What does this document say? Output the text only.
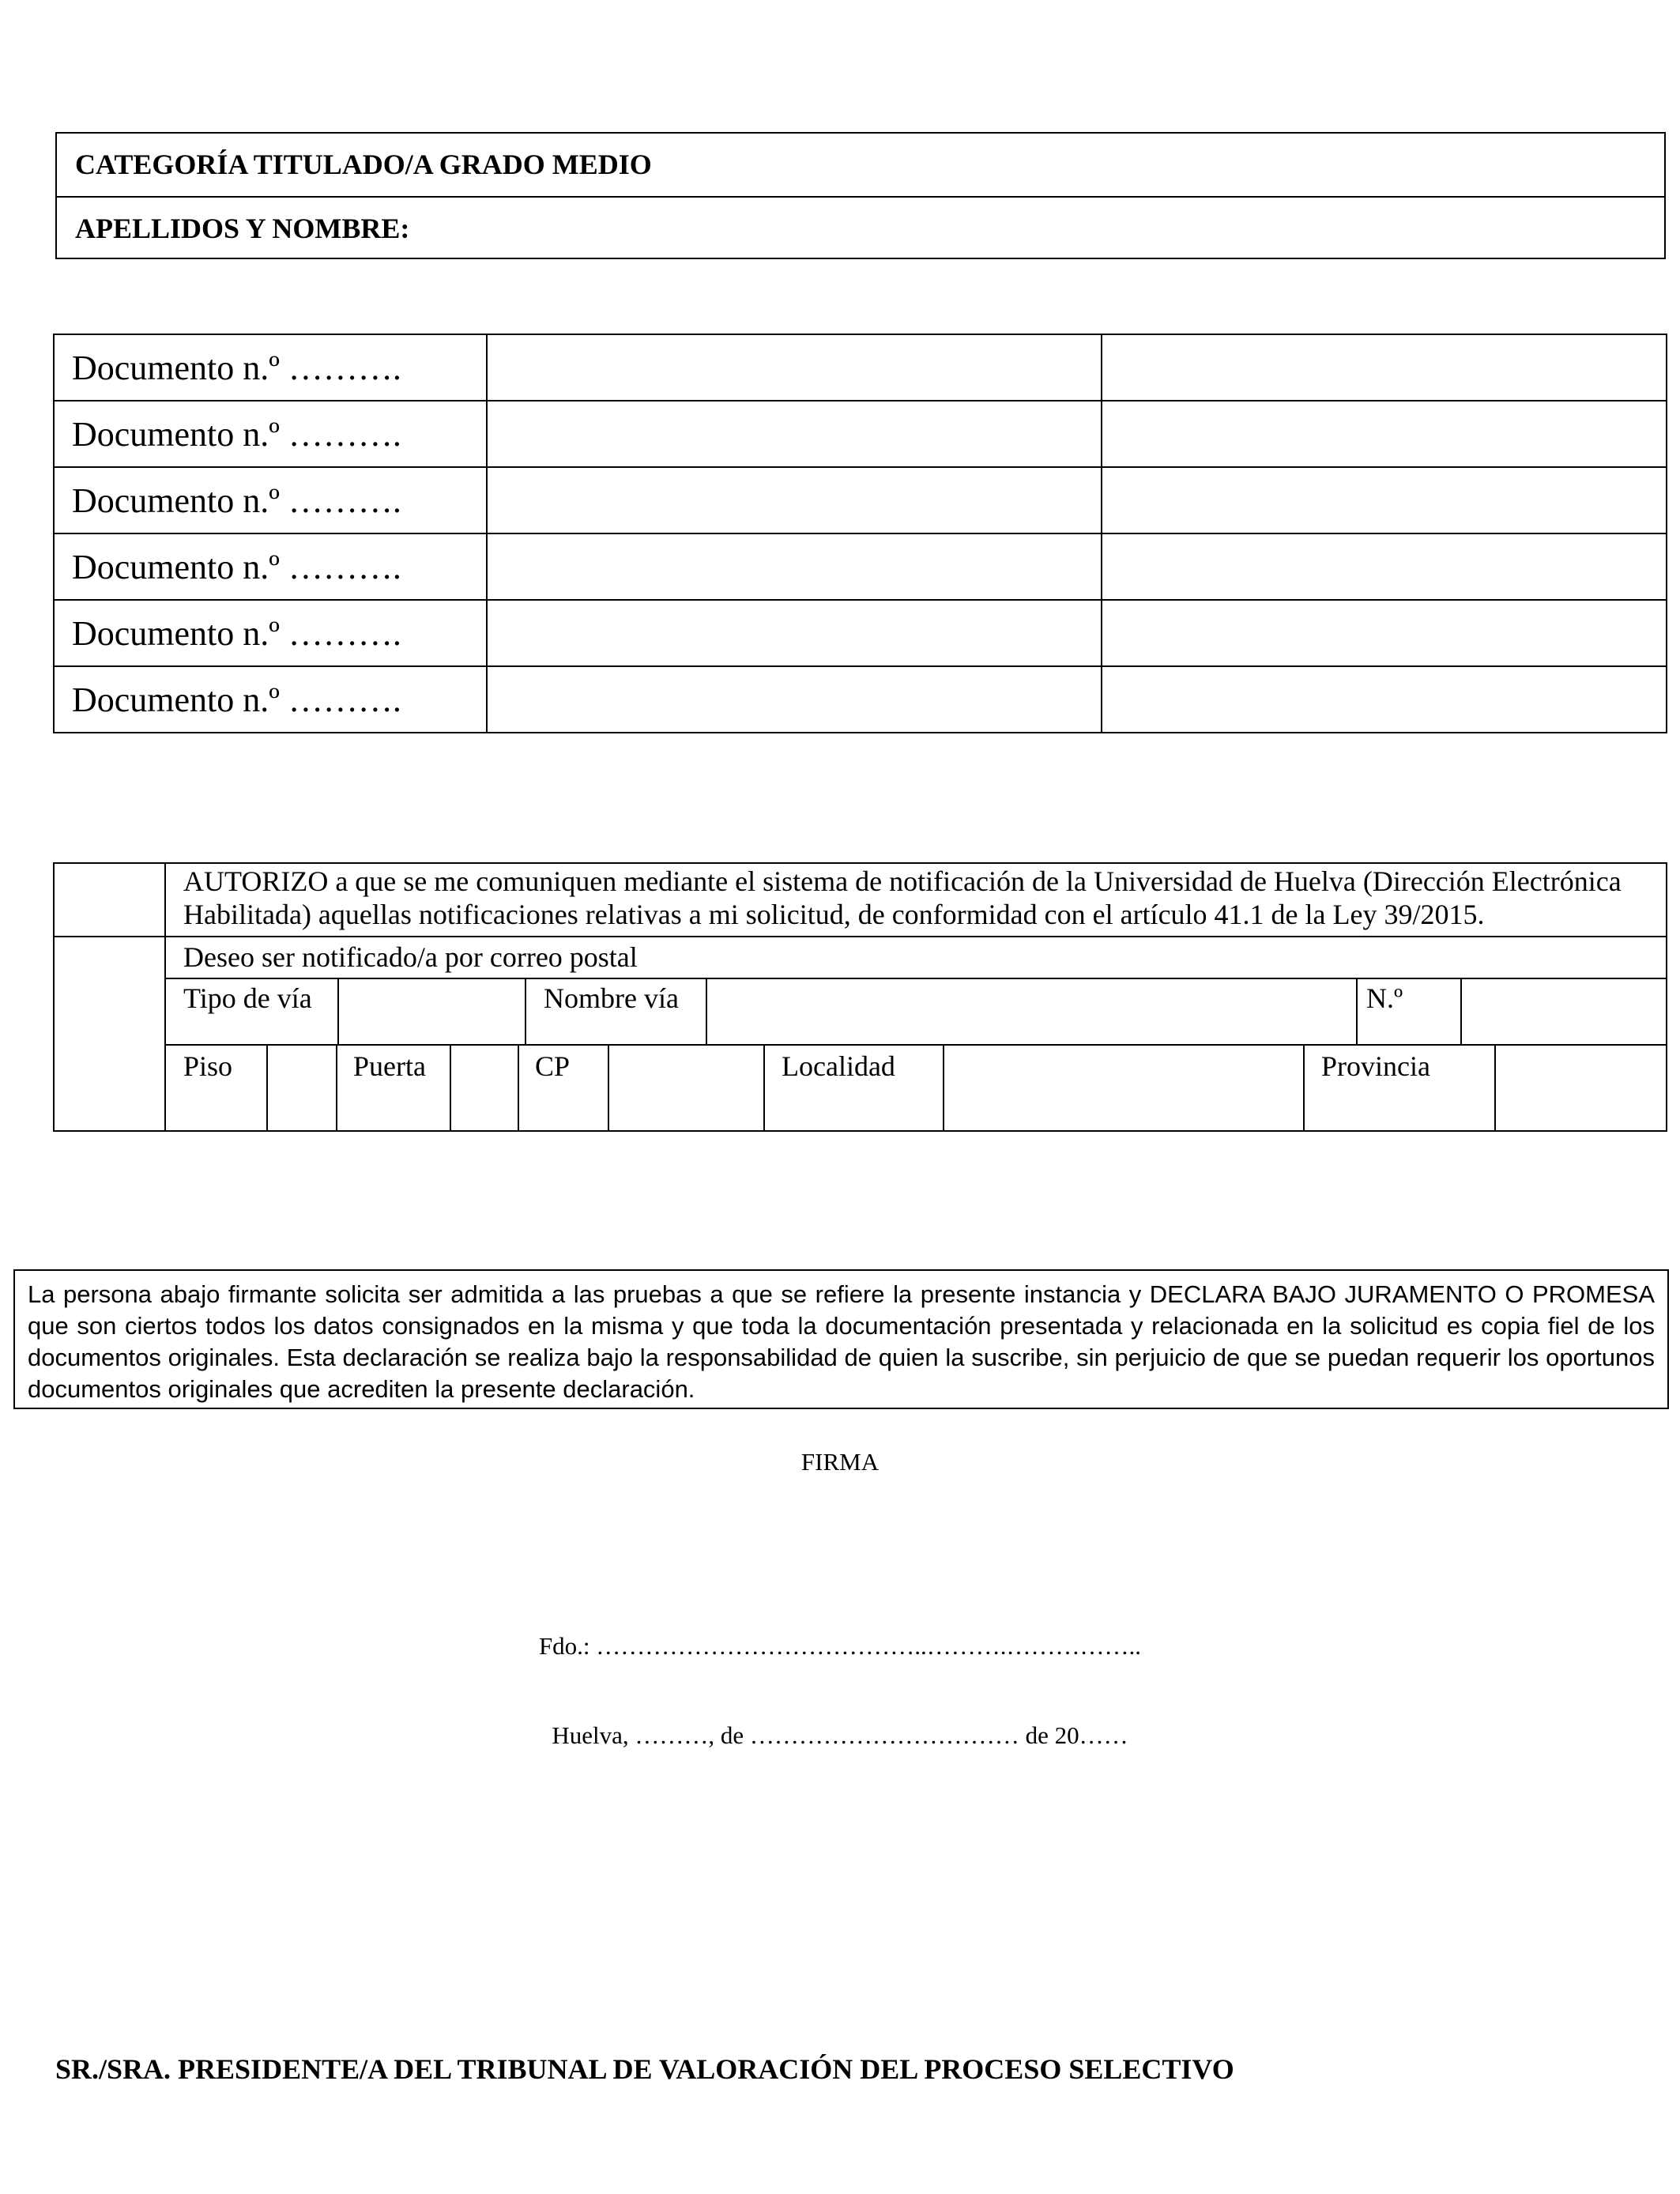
CATEGORÍA TITULADO/A GRADO MEDIO
APELLIDOS Y NOMBRE:
Documento n.º ……….		
Documento n.º ……….		
Documento n.º ……….		
Documento n.º ……….		
Documento n.º ……….		
Documento n.º ……….		
AUTORIZO a que se me comuniquen mediante el sistema de notificación de la Universidad de Huelva (Dirección Electrónica
Habilitada) aquellas notificaciones relativas a mi solicitud, de conformidad con el artículo 41.1 de la Ley 39/2015.
Deseo ser notificado/a por correo postal
Tipo de vía	Nombre vía	N.º
Piso	Puerta	CP	Localidad	Provincia
La persona abajo firmante solicita ser admitida a las pruebas a que se refiere la presente instancia y DECLARA BAJO JURAMENTO O PROMESA que son ciertos todos los datos consignados en la misma y que toda la documentación presentada y relacionada en la solicitud es copia fiel de los documentos originales. Esta declaración se realiza bajo la responsabilidad de quien la suscribe, sin perjuicio de que se puedan requerir los oportunos documentos originales que acrediten la presente declaración.
FIRMA
Fdo.: …………………………………..……….……………..
Huelva, ………, de …………………………… de 20……
SR./SRA. PRESIDENTE/A DEL TRIBUNAL DE VALORACIÓN DEL PROCESO SELECTIVO
